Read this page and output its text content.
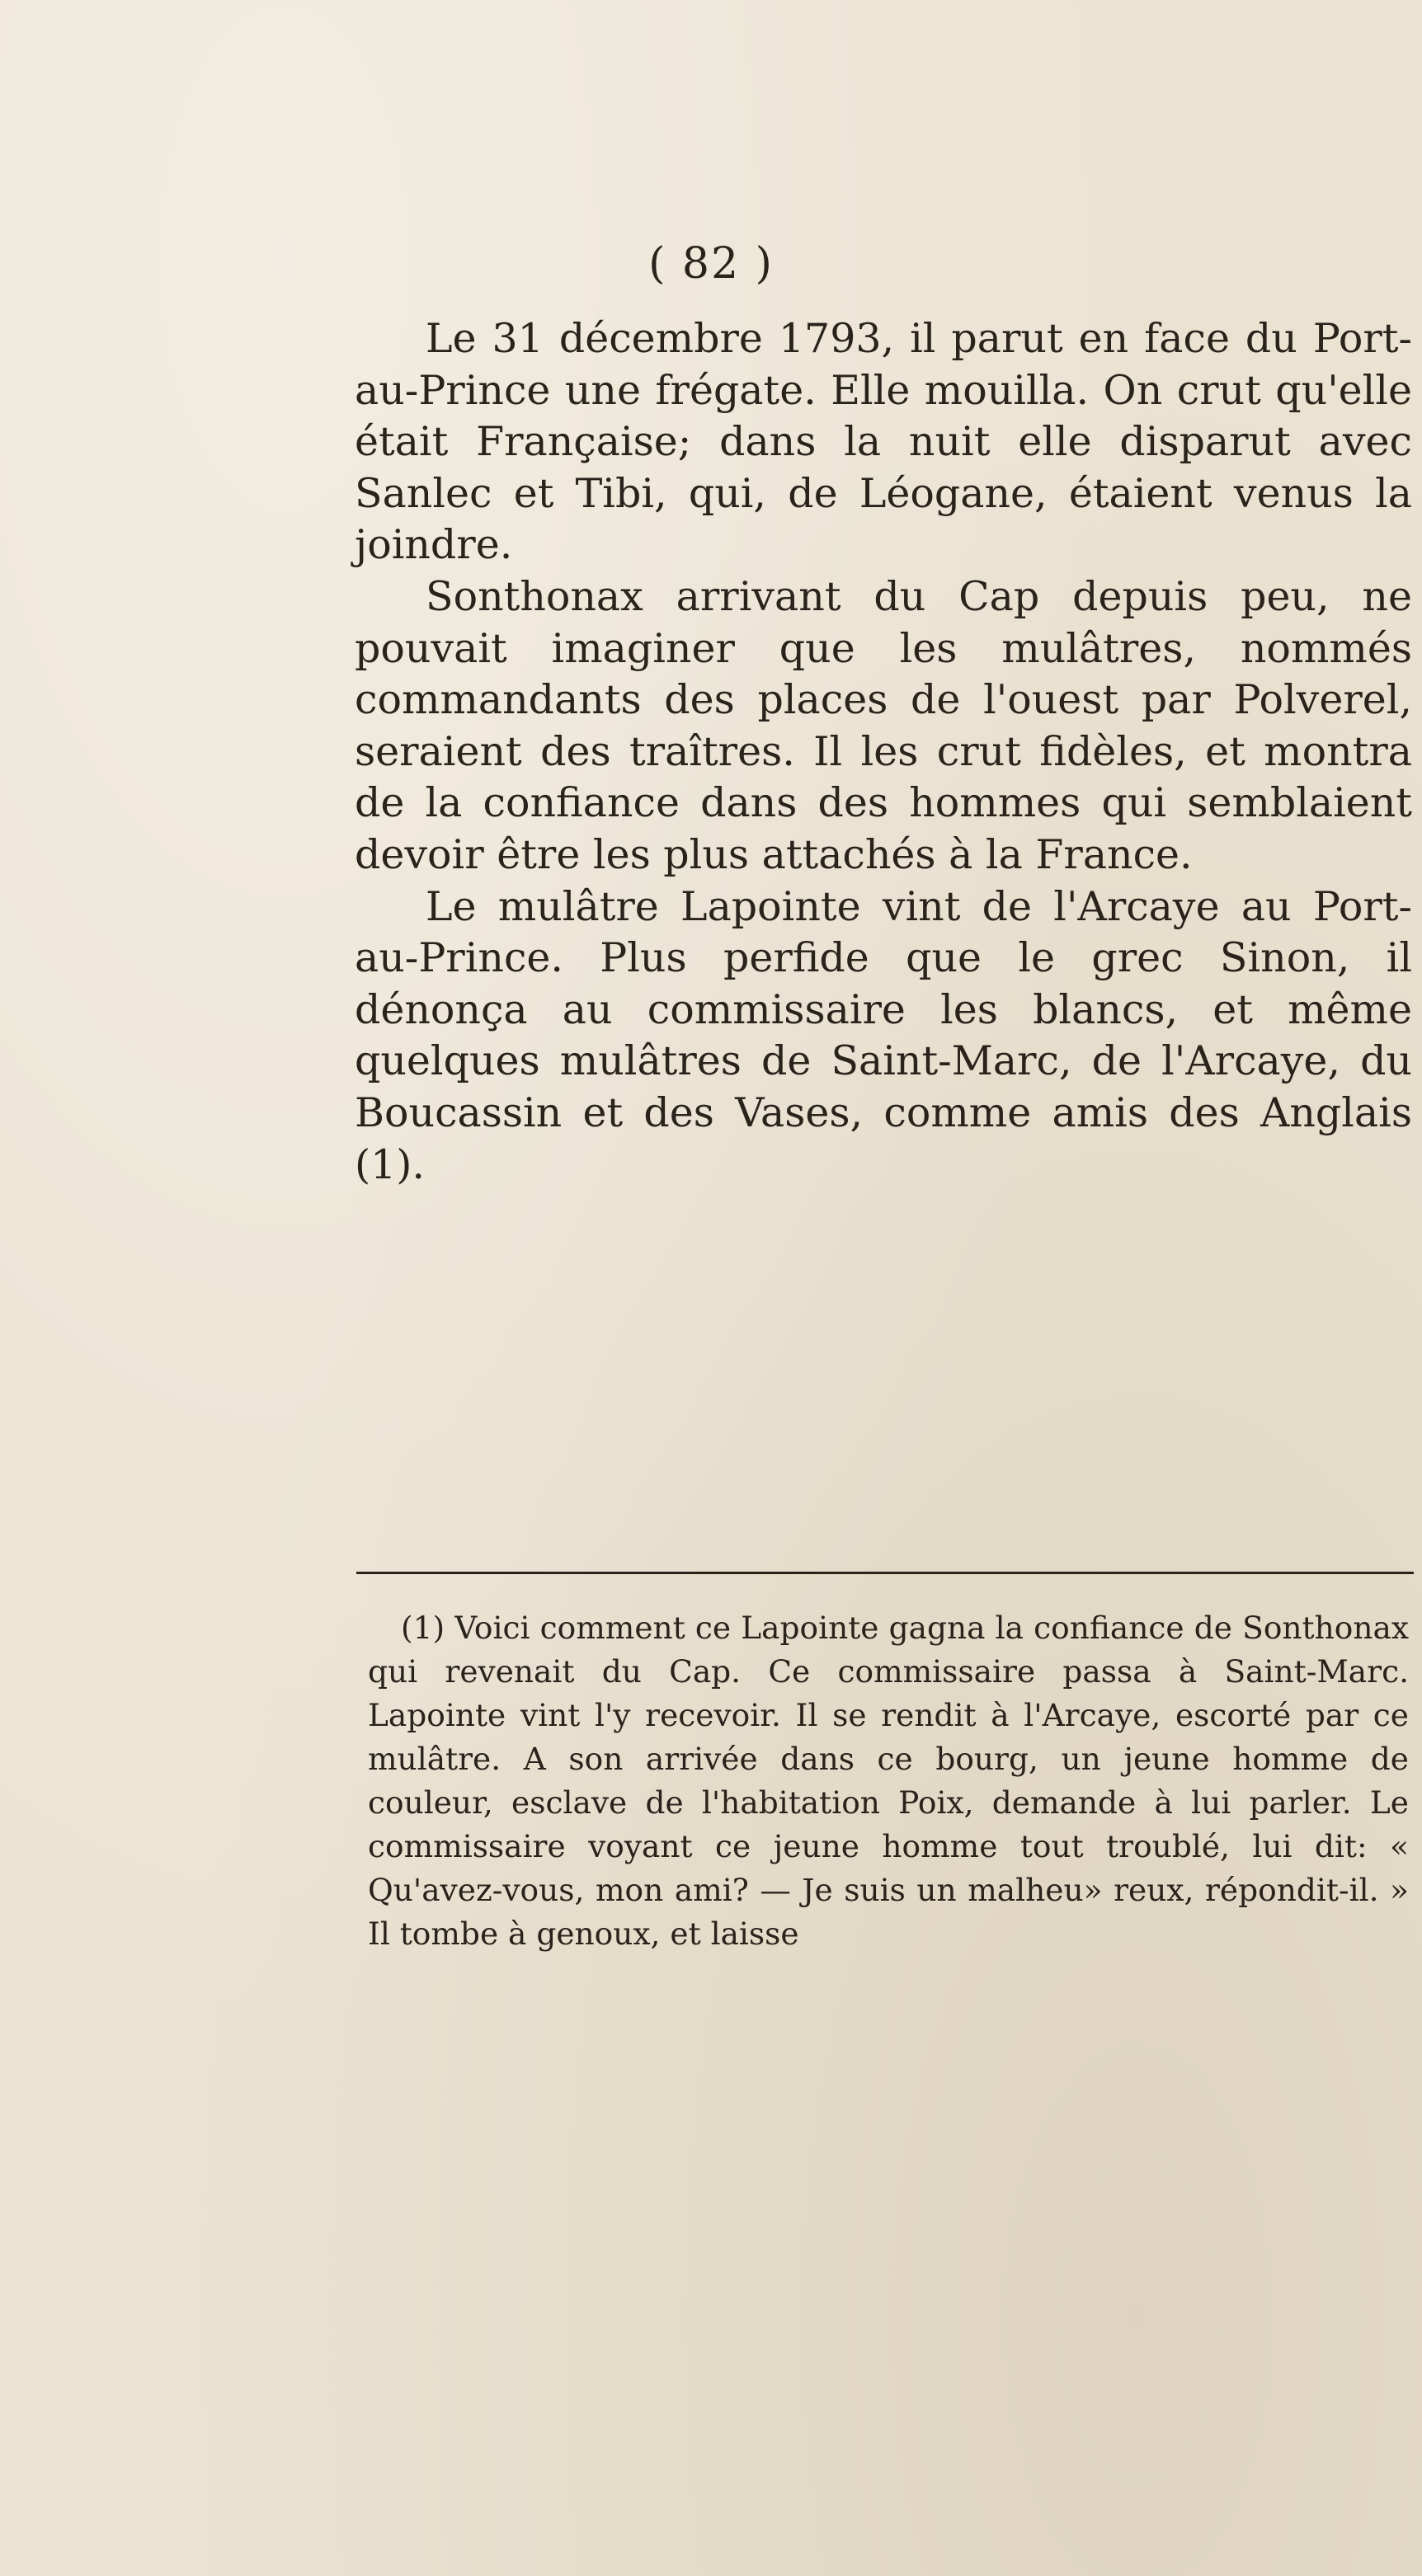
( 82 )

Le 31 décembre 1793, il parut en face du Port-au-Prince une frégate. Elle mouilla. On crut qu'elle était Française; dans la nuit elle disparut avec Sanlec et Tibi, qui, de Léogane, étaient venus la joindre.

Sonthonax arrivant du Cap depuis peu, ne pouvait imaginer que les mulâtres, nommés commandants des places de l'ouest par Polverel, seraient des traîtres. Il les crut fidèles, et montra de la confiance dans des hommes qui semblaient devoir être les plus attachés à la France.

Le mulâtre Lapointe vint de l'Arcaye au Port-au-Prince. Plus perfide que le grec Sinon, il dénonça au commissaire les blancs, et même quelques mulâtres de Saint-Marc, de l'Arcaye, du Boucassin et des Vases, comme amis des Anglais (1).

(1) Voici comment ce Lapointe gagna la confiance de Sonthonax qui revenait du Cap. Ce commissaire passa à Saint-Marc. Lapointe vint l'y recevoir. Il se rendit à l'Arcaye, escorté par ce mulâtre. A son arrivée dans ce bourg, un jeune homme de couleur, esclave de l'habitation Poix, demande à lui parler. Le commissaire voyant ce jeune homme tout troublé, lui dit: « Qu'avez-vous, mon ami? — Je suis un malheu» reux, répondit-il. » Il tombe à genoux, et laisse
